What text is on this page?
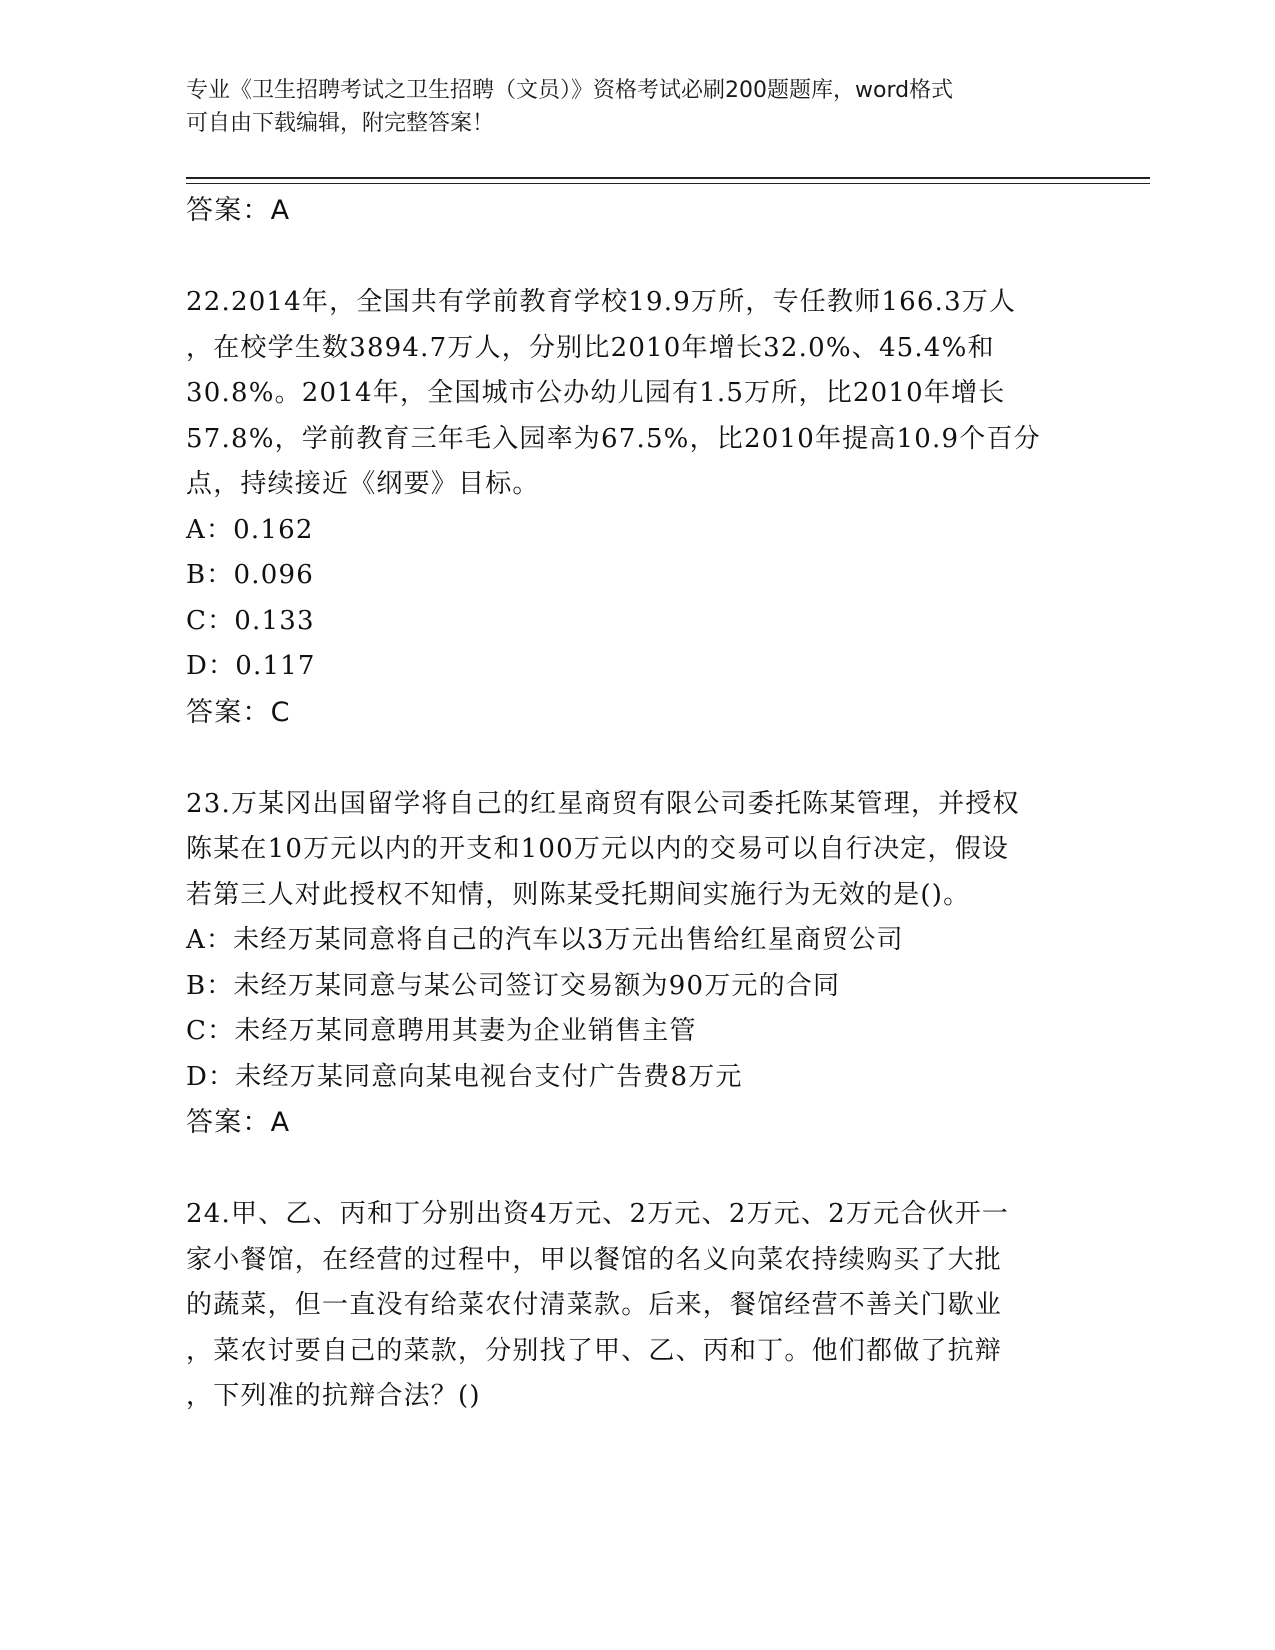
专业《卫生招聘考试之卫生招聘（文员）》资格考试必刷200题题库，word格式
可自由下载编辑，附完整答案！
答案：A
22.2014年，全国共有学前教育学校19.9万所，专任教师166.3万人
，在校学生数3894.7万人，分别比2010年增长32.0%、45.4%和
30.8%。2014年，全国城市公办幼儿园有1.5万所，比2010年增长
57.8%，学前教育三年毛入园率为67.5%，比2010年提高10.9个百分
点，持续接近《纲要》目标。
A：0.162
B：0.096
C：0.133
D：0.117
答案：C
23.万某冈出国留学将自己的红星商贸有限公司委托陈某管理，并授权
陈某在10万元以内的开支和100万元以内的交易可以自行决定，假设
若第三人对此授权不知情，则陈某受托期间实施行为无效的是()。
A：未经万某同意将自己的汽车以3万元出售给红星商贸公司
B：未经万某同意与某公司签订交易额为90万元的合同
C：未经万某同意聘用其妻为企业销售主管
D：未经万某同意向某电视台支付广告费8万元
答案：A
24.甲、乙、丙和丁分别出资4万元、2万元、2万元、2万元合伙开一
家小餐馆，在经营的过程中，甲以餐馆的名义向菜农持续购买了大批
的蔬菜，但一直没有给菜农付清菜款。后来，餐馆经营不善关门歇业
，菜农讨要自己的菜款，分别找了甲、乙、丙和丁。他们都做了抗辩
，下列准的抗辩合法？()
